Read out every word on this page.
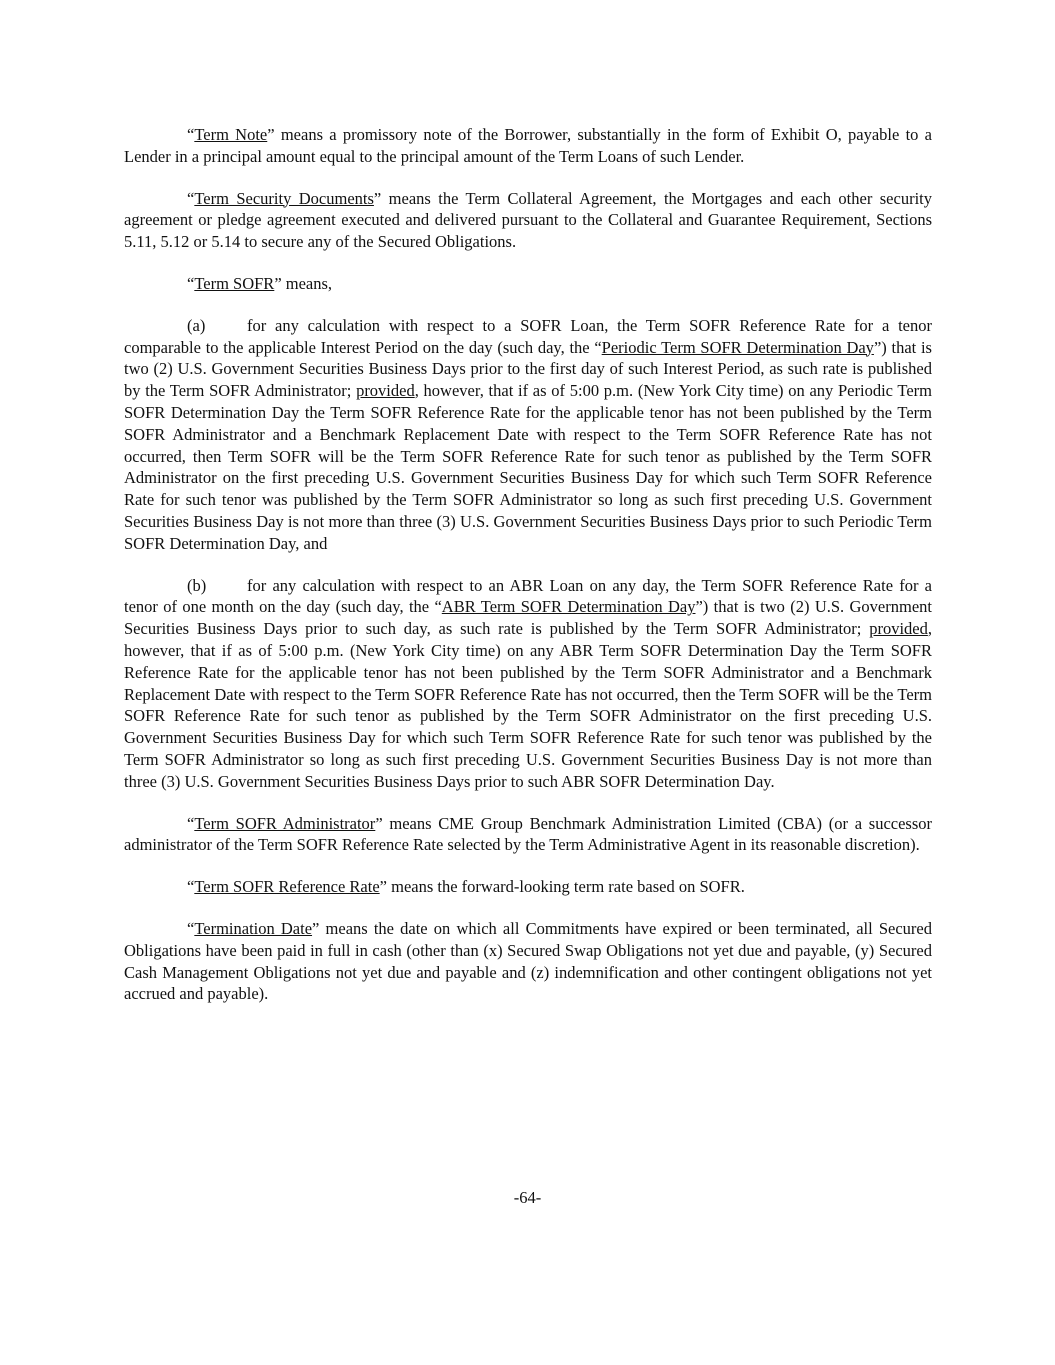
“Term Note” means a promissory note of the Borrower, substantially in the form of Exhibit O, payable to a Lender in a principal amount equal to the principal amount of the Term Loans of such Lender.

“Term Security Documents” means the Term Collateral Agreement, the Mortgages and each other security agreement or pledge agreement executed and delivered pursuant to the Collateral and Guarantee Requirement, Sections 5.11, 5.12 or 5.14 to secure any of the Secured Obligations.

“Term SOFR” means,

(a)	for any calculation with respect to a SOFR Loan, the Term SOFR Reference Rate for a tenor comparable to the applicable Interest Period on the day (such day, the “Periodic Term SOFR Determination Day”) that is two (2) U.S. Government Securities Business Days prior to the first day of such Interest Period, as such rate is published by the Term SOFR Administrator; provided, however, that if as of 5:00 p.m. (New York City time) on any Periodic Term SOFR Determination Day the Term SOFR Reference Rate for the applicable tenor has not been published by the Term SOFR Administrator and a Benchmark Replacement Date with respect to the Term SOFR Reference Rate has not occurred, then Term SOFR will be the Term SOFR Reference Rate for such tenor as published by the Term SOFR Administrator on the first preceding U.S. Government Securities Business Day for which such Term SOFR Reference Rate for such tenor was published by the Term SOFR Administrator so long as such first preceding U.S. Government Securities Business Day is not more than three (3) U.S. Government Securities Business Days prior to such Periodic Term SOFR Determination Day, and

(b) for any calculation with respect to an ABR Loan on any day, the Term SOFR Reference Rate for a tenor of one month on the day (such day, the “ABR Term SOFR Determination Day”) that is two (2) U.S. Government Securities Business Days prior to such day, as such rate is published by the Term SOFR Administrator; provided, however, that if as of 5:00 p.m. (New York City time) on any ABR Term SOFR Determination Day the Term SOFR Reference Rate for the applicable tenor has not been published by the Term SOFR Administrator and a Benchmark Replacement Date with respect to the Term SOFR Reference Rate has not occurred, then the Term SOFR will be the Term SOFR Reference Rate for such tenor as published by the Term SOFR Administrator on the first preceding U.S. Government Securities Business Day for which such Term SOFR Reference Rate for such tenor was published by the Term SOFR Administrator so long as such first preceding U.S. Government Securities Business Day is not more than three (3) U.S. Government Securities Business Days prior to such ABR SOFR Determination Day.

“Term SOFR Administrator” means CME Group Benchmark Administration Limited (CBA) (or a successor administrator of the Term SOFR Reference Rate selected by the Term Administrative Agent in its reasonable discretion).

“Term SOFR Reference Rate” means the forward-looking term rate based on SOFR.

“Termination Date” means the date on which all Commitments have expired or been terminated, all Secured Obligations have been paid in full in cash (other than (x) Secured Swap Obligations not yet due and payable, (y) Secured Cash Management Obligations not yet due and payable and (z) indemnification and other contingent obligations not yet accrued and payable).

-64-
